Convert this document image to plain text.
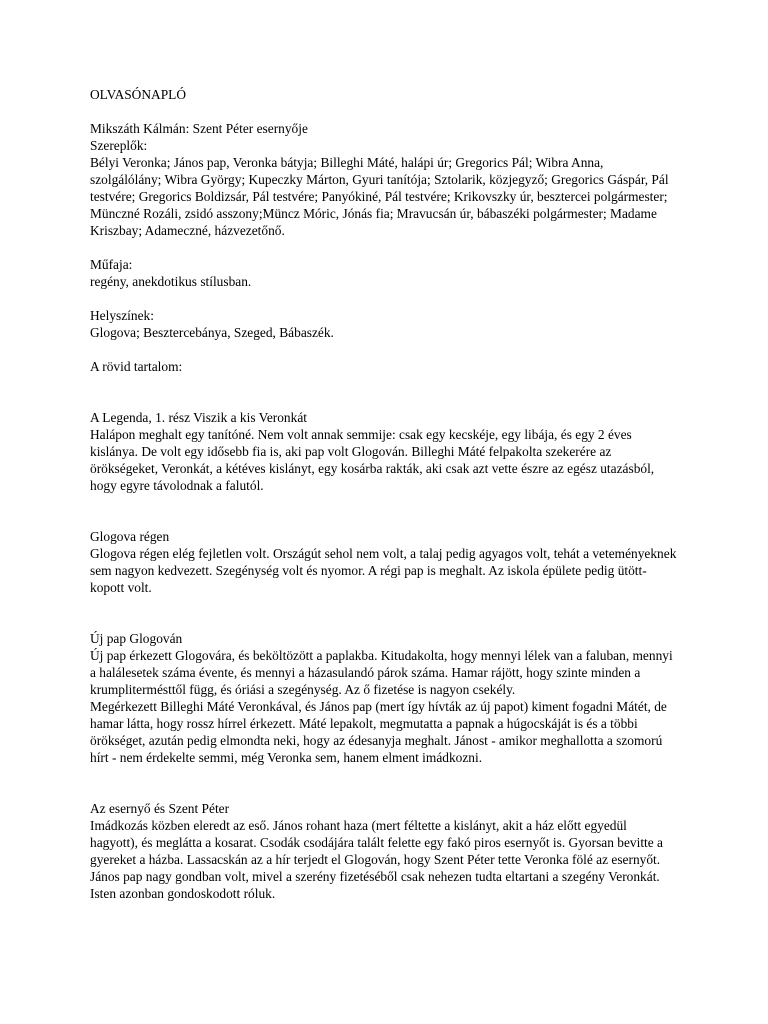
OLVASÓNAPLÓ

Mikszáth Kálmán: Szent Péter esernyője

Szereplők:

Bélyi Veronka; János pap, Veronka bátyja; Billeghi Máté, halápi úr; Gregorics Pál; Wibra Anna, szolgálólány; Wibra György; Kupeczky Márton, Gyuri tanítója; Sztolarik, közjegyző; Gregorics Gáspár, Pál testvére; Gregorics Boldizsár, Pál testvére; Panyókiné, Pál testvére; Krikovszky úr, besztercei polgármester; Münczné Rozáli, zsidó asszony;Müncz Móric, Jónás fia; Mravucsán úr, bábaszéki polgármester; Madame Kriszbay; Adameczné, házvezetőnő.

Műfaja:

regény, anekdotikus stílusban.

Helyszínek:

Glogova; Besztercebánya, Szeged, Bábaszék.

A rövid tartalom:

A Legenda, 1. rész Viszik a kis Veronkát

Halápon meghalt egy tanítóné. Nem volt annak semmije: csak egy kecskéje, egy libája, és egy 2 éves kislánya. De volt egy idősebb fia is, aki pap volt Glogován. Billeghi Máté felpakolta szekerére az örökségeket, Veronkát, a kétéves kislányt, egy kosárba rakták, aki csak azt vette észre az egész utazásból, hogy egyre távolodnak a falutól.

Glogova régen

Glogova régen elég fejletlen volt. Országút sehol nem volt, a talaj pedig agyagos volt, tehát a veteményeknek sem nagyon kedvezett. Szegénység volt és nyomor. A régi pap is meghalt. Az iskola épülete pedig ütött-kopott volt.

Új pap Glogován

Új pap érkezett Glogovára, és beköltözött a paplakba. Kitudakolta, hogy mennyi lélek van a faluban, mennyi a halálesetek száma évente, és mennyi a házasulandó párok száma. Hamar rájött, hogy szinte minden a krumplitermésttől függ, és óriási a szegénység. Az ő fizetése is nagyon csekély.

Megérkezett Billeghi Máté Veronkával, és János pap (mert így hívták az új papot) kiment fogadni Mátét, de hamar látta, hogy rossz hírrel érkezett. Máté lepakolt, megmutatta a papnak a húgocskáját is és a többi örökséget, azután pedig elmondta neki, hogy az édesanyja meghalt. Jánost - amikor meghallotta a szomorú hírt - nem érdekelte semmi, még Veronka sem, hanem elment imádkozni.

Az esernyő és Szent Péter

Imádkozás közben eleredt az eső. János rohant haza (mert féltette a kislányt, akit a ház előtt egyedül hagyott), és meglátta a kosarat. Csodák csodájára talált felette egy fakó piros esernyőt is. Gyorsan bevitte a gyereket a házba. Lassacskán az a hír terjedt el Glogován, hogy Szent Péter tette Veronka fölé az esernyőt. János pap nagy gondban volt, mivel a szerény fizetéséből csak nehezen tudta eltartani a szegény Veronkát. Isten azonban gondoskodott róluk.
